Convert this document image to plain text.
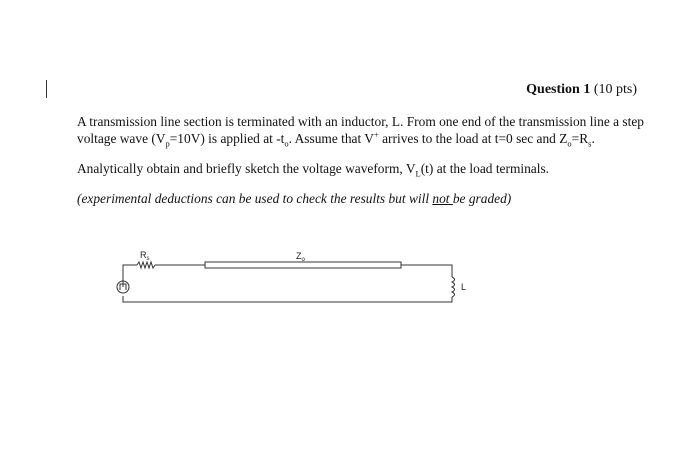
Question 1 (10 pts)
A transmission line section is terminated with an inductor, L. From one end of the transmission line a step voltage wave $(V_p=10V)$ is applied at $-t_o$. Assume that V+ arrives to the load at t=0 sec and $Z_o=R_s$.
Analytically obtain and briefly sketch the voltage waveform, $V_L(t)$ at the load terminals.
(experimental deductions can be used to check the results but will not be graded)
$R_s$	$Z_o$
L
